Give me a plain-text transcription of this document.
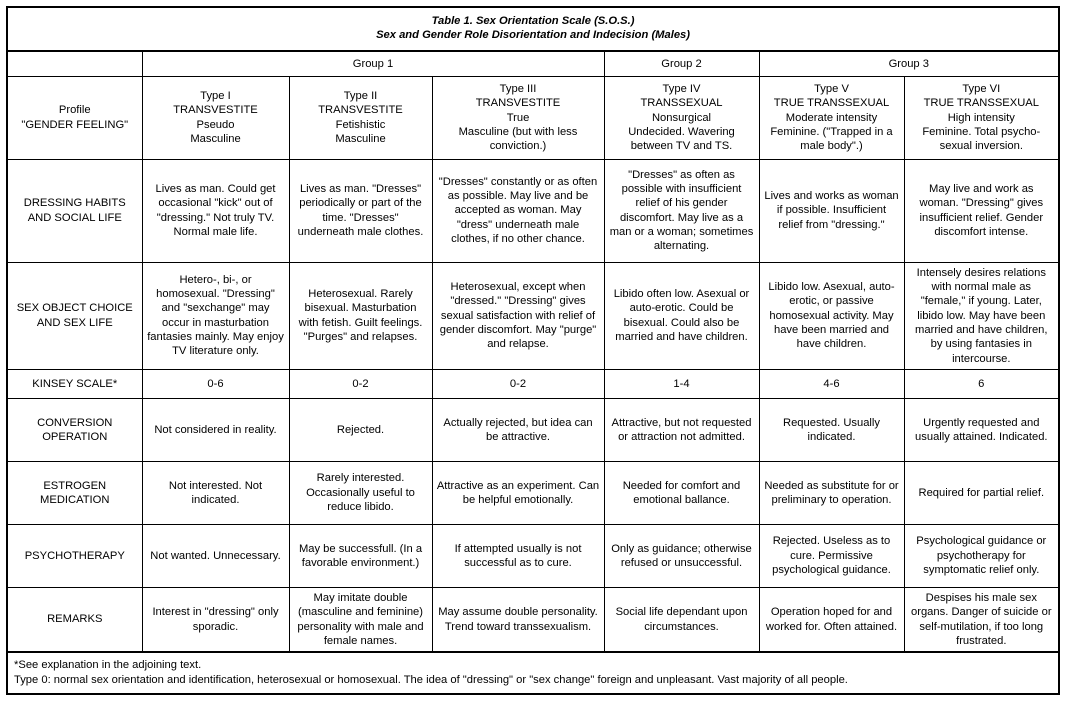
Table 1. Sex Orientation Scale (S.O.S.)
Sex and Gender Role Disorientation and Indecision (Males)						

	Group 1			Group 2	Group 3	

Profile
"GENDER FEELING"	Type I
TRANSVESTITE
Pseudo
Masculine	Type II
TRANSVESTITE
Fetishistic
Masculine	Type III
TRANSVESTITE
True
Masculine (but with less conviction.)	Type IV
TRANSSEXUAL
Nonsurgical
Undecided. Wavering between TV and TS.	Type V
TRUE TRANSSEXUAL
Moderate intensity
Feminine. ("Trapped in a male body".)	Type VI
TRUE TRANSSEXUAL
High intensity
Feminine. Total psycho-sexual inversion.

DRESSING HABITS AND SOCIAL LIFE	Lives as man. Could get occasional "kick" out of "dressing." Not truly TV. Normal male life.	Lives as man. "Dresses" periodically or part of the time. "Dresses" underneath male clothes.	"Dresses" constantly or as often as possible. May live and be accepted as woman. May "dress" underneath male clothes, if no other chance.	"Dresses" as often as possible with insufficient relief of his gender discomfort. May live as a man or a woman; sometimes alternating.	Lives and works as woman if possible. Insufficient relief from "dressing."	May live and work as woman. "Dressing" gives insufficient relief. Gender discomfort intense.
SEX OBJECT CHOICE AND SEX LIFE	Hetero-, bi-, or homosexual. "Dressing" and "sexchange" may occur in masturbation fantasies mainly. May enjoy TV literature only.	Heterosexual. Rarely bisexual. Masturbation with fetish. Guilt feelings. "Purges" and relapses.	Heterosexual, except when "dressed." "Dressing" gives sexual satisfaction with relief of gender discomfort. May "purge" and relapse.	Libido often low. Asexual or auto-erotic. Could be bisexual. Could also be married and have children.	Libido low. Asexual, auto-erotic, or passive homosexual activity. May have been married and have children.	Intensely desires relations with normal male as "female," if young. Later, libido low. May have been married and have children, by using fantasies in intercourse.
KINSEY SCALE*	0-6	0-2	0-2	1-4	4-6	6
CONVERSION OPERATION	Not considered in reality.	Rejected.	Actually rejected, but idea can be attractive.	Attractive, but not requested or attraction not admitted.	Requested. Usually indicated.	Urgently requested and usually attained. Indicated.
ESTROGEN MEDICATION	Not interested. Not indicated.	Rarely interested. Occasionally useful to reduce libido.	Attractive as an experiment. Can be helpful emotionally.	Needed for comfort and emotional ballance.	Needed as substitute for or preliminary to operation.	Required for partial relief.
PSYCHOTHERAPY	Not wanted. Unnecessary.	May be successfull. (In a favorable environment.)	If attempted usually is not successful as to cure.	Only as guidance; otherwise refused or unsuccessful.	Rejected. Useless as to cure. Permissive psychological guidance.	Psychological guidance or psychotherapy for symptomatic relief only.
REMARKS	Interest in "dressing" only sporadic.	May imitate double (masculine and feminine) personality with male and female names.	May assume double personality. Trend toward transsexualism.	Social life dependant upon circumstances.	Operation hoped for and worked for. Often attained.	Despises his male sex organs. Danger of suicide or self-mutilation, if too long frustrated.

*See explanation in the adjoining text.
Type 0: normal sex orientation and identification, heterosexual or homosexual. The idea of "dressing" or "sex change" foreign and unpleasant. Vast majority of all people.						
